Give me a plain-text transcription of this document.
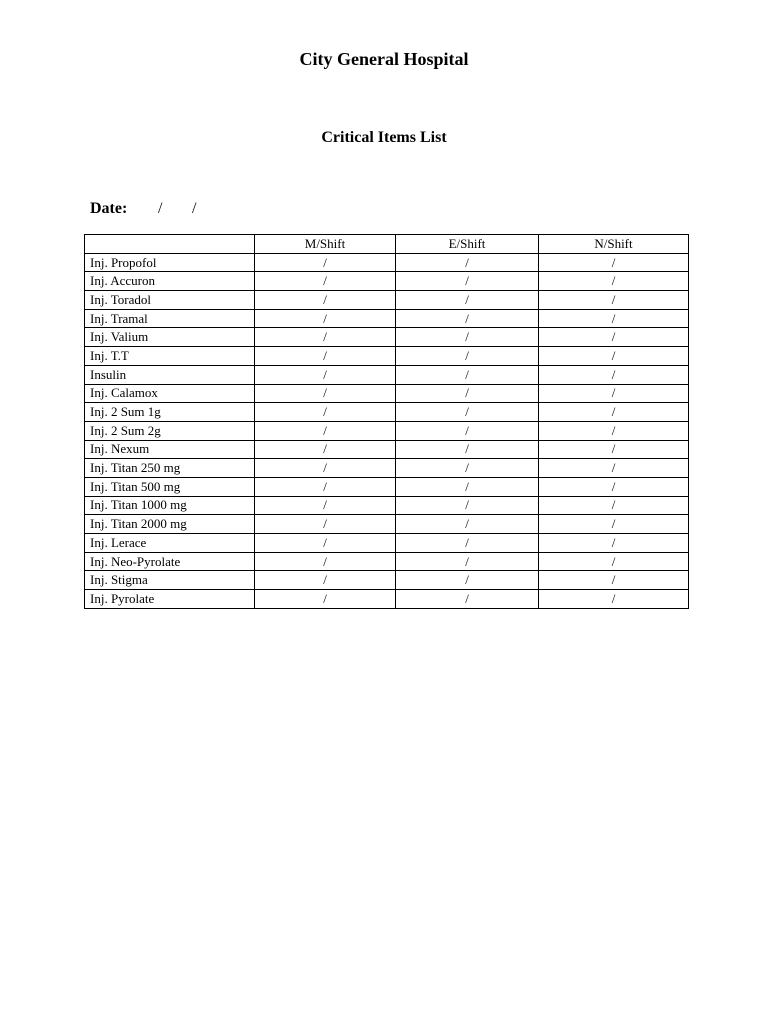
City General Hospital
Critical Items List
Date: / /
	M/Shift	E/Shift	N/Shift
Inj. Propofol	/	/	/
Inj. Accuron	/	/	/
Inj. Toradol	/	/	/
Inj. Tramal	/	/	/
Inj. Valium	/	/	/
Inj. T.T	/	/	/
Insulin	/	/	/
Inj. Calamox	/	/	/
Inj. 2 Sum 1g	/	/	/
Inj. 2 Sum 2g	/	/	/
Inj. Nexum	/	/	/
Inj. Titan 250 mg	/	/	/
Inj. Titan 500 mg	/	/	/
Inj. Titan 1000 mg	/	/	/
Inj. Titan 2000 mg	/	/	/
Inj. Lerace	/	/	/
Inj. Neo-Pyrolate	/	/	/
Inj. Stigma	/	/	/
Inj. Pyrolate	/	/	/
